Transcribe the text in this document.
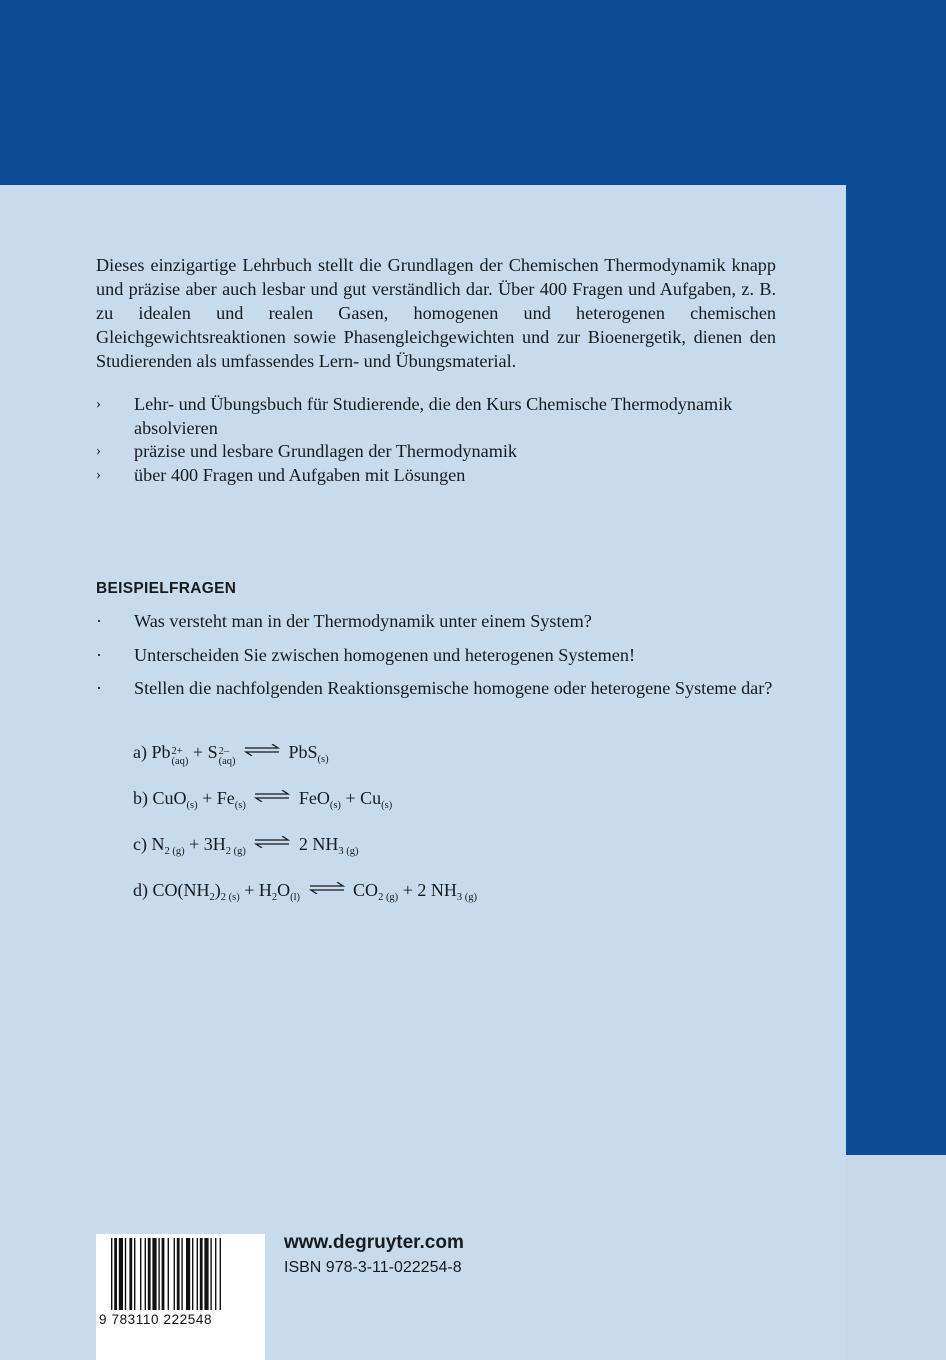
Dieses einzigartige Lehrbuch stellt die Grundlagen der Chemischen Thermodynamik knapp und präzise aber auch lesbar und gut verständlich dar. Über 400 Fragen und Aufgaben, z. B. zu idealen und realen Gasen, homogenen und heterogenen chemischen Gleichgewichtsreaktionen sowie Phasengleichgewichten und zur Bioenergetik, dienen den Studierenden als umfassendes Lern- und Übungsmaterial.

› Lehr- und Übungsbuch für Studierende, die den Kurs Chemische Thermodynamik absolvieren
› präzise und lesbare Grundlagen der Thermodynamik
› über 400 Fragen und Aufgaben mit Lösungen
BEISPIELFRAGEN
· Was versteht man in der Thermodynamik unter einem System?
· Unterscheiden Sie zwischen homogenen und heterogenen Systemen!
· Stellen die nachfolgenden Reaktionsgemische homogene oder heterogene Systeme dar?
a) Pb 2+
(aq) + S 2–
(aq) ⇌ PbS$_{(s)}$
b) $CuO_{(s)} + Fe_{(s)}$ ⇌ $FeO_{(s)} + Cu_{(s)}$
c) $N_{2 (g)} + 3H_{2 (g)}$ ⇌ 2 $NH_{3 (g)}$
d) $CO(NH_2)_{2 (s)} + H_2O_{(l)}$ ⇌ $CO_{2 (g)} + 2$ $NH_{3 (g)}$
9 783110 222548
www.degruyter.com
ISBN 978-3-11-022254-8
